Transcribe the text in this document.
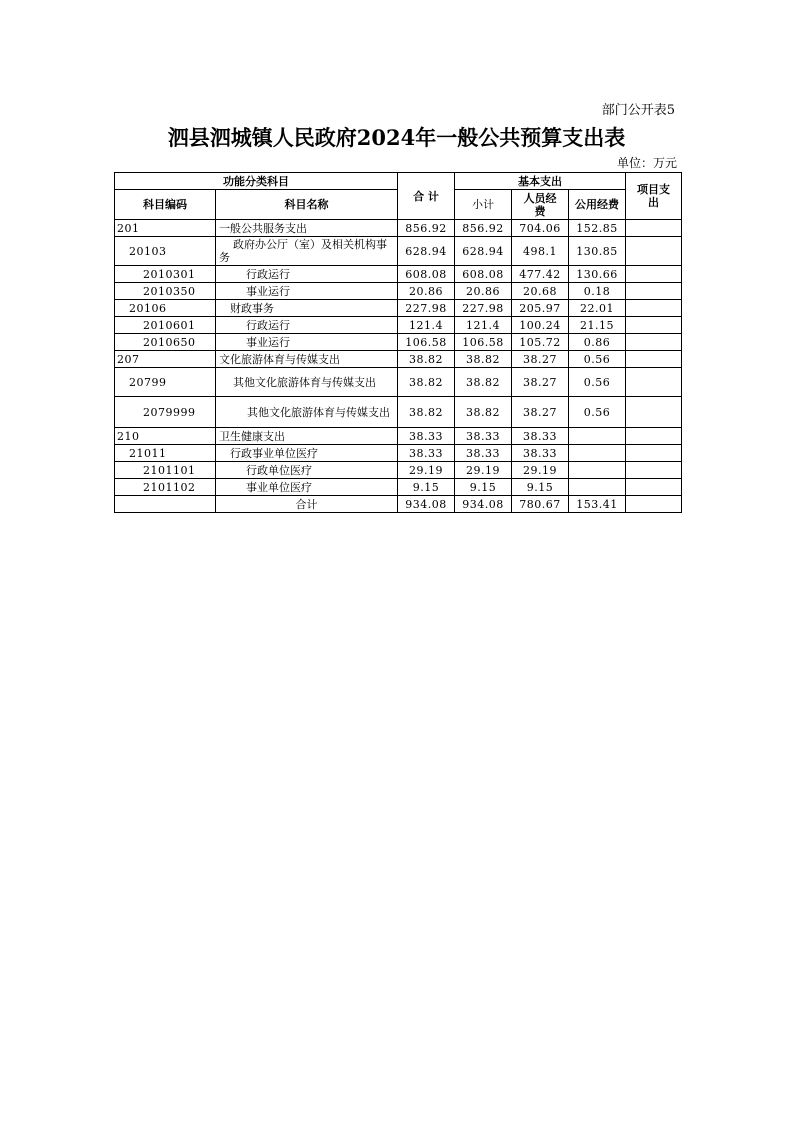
部门公开表5
泗县泗城镇人民政府2024年一般公共预算支出表
单位：万元
功能分类科目		合 计	基本支出			项目支出
科目编码	科目名称		小计	人员经费	公用经费	
201	一般公共服务支出	856.92	856.92	704.06	152.85	
20103	政府办公厅（室）及相关机构事务	628.94	628.94	498.1	130.85	
2010301	行政运行	608.08	608.08	477.42	130.66	
2010350	事业运行	20.86	20.86	20.68	0.18	
20106	财政事务	227.98	227.98	205.97	22.01	
2010601	行政运行	121.4	121.4	100.24	21.15	
2010650	事业运行	106.58	106.58	105.72	0.86	
207	文化旅游体育与传媒支出	38.82	38.82	38.27	0.56	
20799	其他文化旅游体育与传媒支出	38.82	38.82	38.27	0.56	
2079999	其他文化旅游体育与传媒支出	38.82	38.82	38.27	0.56	
210	卫生健康支出	38.33	38.33	38.33		
21011	行政事业单位医疗	38.33	38.33	38.33		
2101101	行政单位医疗	29.19	29.19	29.19		
2101102	事业单位医疗	9.15	9.15	9.15		
	合计	934.08	934.08	780.67	153.41	
